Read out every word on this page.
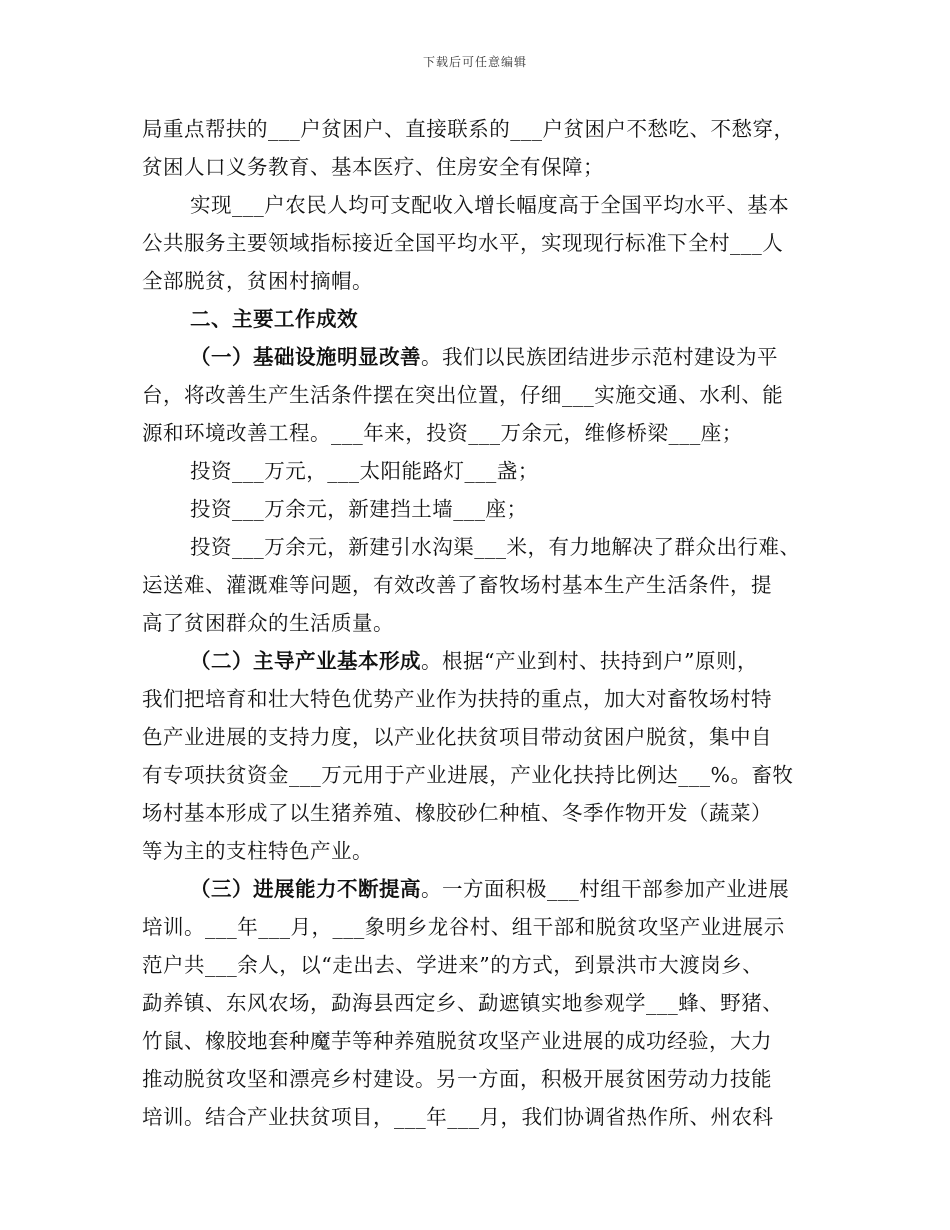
下载后可任意编辑
局重点帮扶的___户贫困户、直接联系的___户贫困户不愁吃、不愁穿，
贫困人口义务教育、基本医疗、住房安全有保障；
实现___户农民人均可支配收入增长幅度高于全国平均水平、基本
公共服务主要领域指标接近全国平均水平，实现现行标准下全村___人
全部脱贫，贫困村摘帽。
二、主要工作成效
（一）基础设施明显改善。我们以民族团结进步示范村建设为平
台，将改善生产生活条件摆在突出位置，仔细___实施交通、水利、能
源和环境改善工程。___年来，投资___万余元，维修桥梁___座；
投资___万元，___太阳能路灯___盏；
投资___万余元，新建挡土墙___座；
投资___万余元，新建引水沟渠___米，有力地解决了群众出行难、
运送难、灌溉难等问题，有效改善了畜牧场村基本生产生活条件，提
高了贫困群众的生活质量。
（二）主导产业基本形成。根据“产业到村、扶持到户”原则，
我们把培育和壮大特色优势产业作为扶持的重点，加大对畜牧场村特
色产业进展的支持力度，以产业化扶贫项目带动贫困户脱贫，集中自
有专项扶贫资金___万元用于产业进展，产业化扶持比例达___%。畜牧
场村基本形成了以生猪养殖、橡胶砂仁种植、冬季作物开发（蔬菜）
等为主的支柱特色产业。
（三）进展能力不断提高。一方面积极___村组干部参加产业进展
培训。___年___月，___象明乡龙谷村、组干部和脱贫攻坚产业进展示
范户共___余人，以“走出去、学进来”的方式，到景洪市大渡岗乡、
勐养镇、东风农场，勐海县西定乡、勐遮镇实地参观学___蜂、野猪、
竹鼠、橡胶地套种魔芋等种养殖脱贫攻坚产业进展的成功经验，大力
推动脱贫攻坚和漂亮乡村建设。另一方面，积极开展贫困劳动力技能
培训。结合产业扶贫项目，___年___月，我们协调省热作所、州农科
